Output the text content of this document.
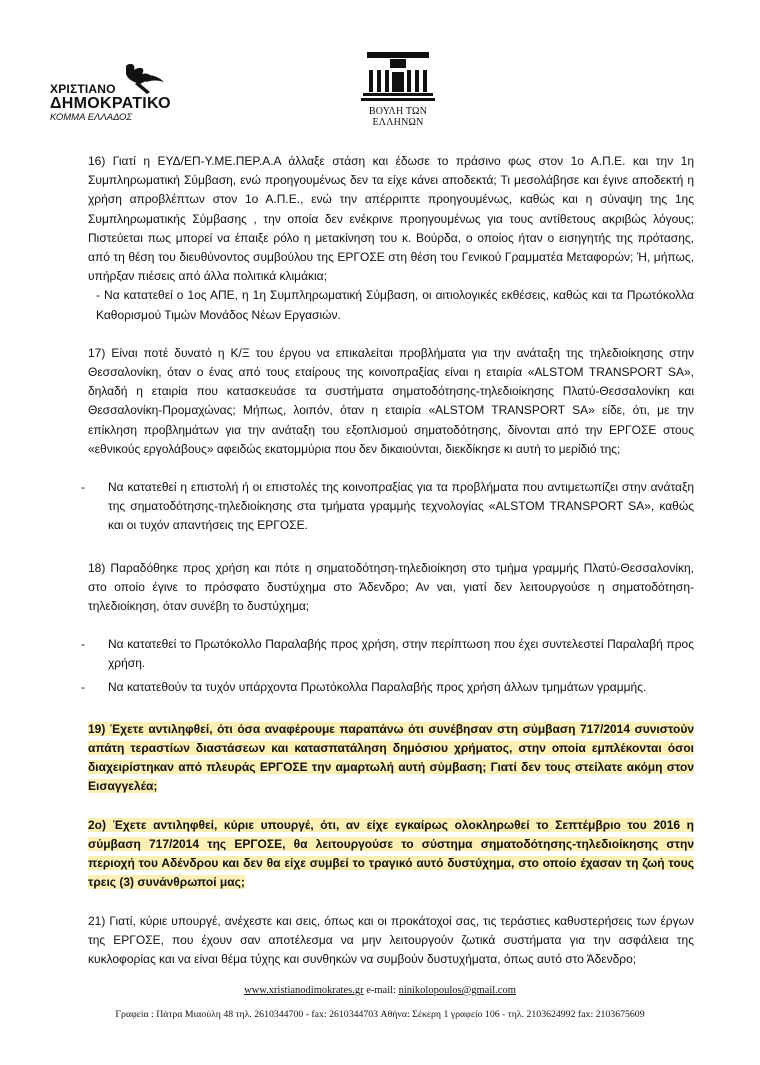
ΧΡΙΣΤΙΑΝΟ
ΔΗΜΟΚΡΑΤΙΚΟ
ΚΟΜΜΑ ΕΛΛΑΔΟΣ
ΒΟΥΛΗ ΤΩΝ ΕΛΛΗΝΩΝ

16) Γιατί η ΕΥΔ/ΕΠ-Υ.ΜΕ.ΠΕΡ.Α.Α άλλαξε στάση και έδωσε το πράσινο φως στον 1ο Α.Π.Ε. και την 1η Συμπληρωματική Σύμβαση, ενώ προηγουμένως δεν τα είχε κάνει αποδεκτά; Τι μεσολάβησε και έγινε αποδεκτή η χρήση απροβλέπτων στον 1ο Α.Π.Ε., ενώ την απέρριπτε προηγουμένως, καθώς και η σύναψη της 1ης Συμπληρωματικής Σύμβασης , την οποία δεν ενέκρινε προηγουμένως για τους αντίθετους ακριβώς λόγους; Πιστεύεται πως μπορεί να έπαιξε ρόλο η μετακίνηση του κ. Βούρδα, ο οποίος ήταν ο εισηγητής της πρότασης, από τη θέση του διευθύνοντος συμβούλου της ΕΡΓΟΣΕ στη θέση του Γενικού Γραμματέα Μεταφορών; Ή, μήπως, υπήρξαν πιέσεις από άλλα πολιτικά κλιμάκια;

- Να κατατεθεί ο 1ος ΑΠΕ, η 1η Συμπληρωματική Σύμβαση, οι αιτιολογικές εκθέσεις, καθώς και τα Πρωτόκολλα Καθορισμού Τιμών Μονάδος Νέων Εργασιών.

17) Είναι ποτέ δυνατό η Κ/Ξ του έργου να επικαλείται προβλήματα για την ανάταξη της τηλεδιοίκησης στην Θεσσαλονίκη, όταν ο ένας από τους εταίρους της κοινοπραξίας είναι η εταιρία «ALSTOM TRANSPORT SA», δηλαδή η εταιρία που κατασκευάσε τα συστήματα σηματοδότησης-τηλεδιοίκησης Πλατύ-Θεσσαλονίκη και Θεσσαλονίκη-Προμαχώνας; Μήπως, λοιπόν, όταν η εταιρία «ALSTOM TRANSPORT SA» είδε, ότι, με την επίκληση προβλημάτων για την ανάταξη του εξοπλισμού σηματοδότησης, δίνονται από την ΕΡΓΟΣΕ στους «εθνικούς εργολάβους» αφειδώς εκατομμύρια που δεν δικαιούνται, διεκδίκησε κι αυτή το μερίδιό της;

- Να κατατεθεί η επιστολή ή οι επιστολές της κοινοπραξίας για τα προβλήματα που αντιμετωπίζει στην ανάταξη της σηματοδότησης-τηλεδιοίκησης στα τμήματα γραμμής τεχνολογίας «ALSTOM TRANSPORT SA», καθώς και οι τυχόν απαντήσεις της ΕΡΓΟΣΕ.

18) Παραδόθηκε προς χρήση και πότε η σηματοδότηση-τηλεδιοίκηση στο τμήμα γραμμής Πλατύ-Θεσσαλονίκη, στο οποίο έγινε το πρόσφατο δυστύχημα στο Άδενδρο; Αν ναι, γιατί δεν λειτουργούσε η σηματοδότηση-τηλεδιοίκηση, όταν συνέβη το δυστύχημα;

- Να κατατεθεί το Πρωτόκολλο Παραλαβής προς χρήση, στην περίπτωση που έχει συντελεστεί Παραλαβή προς χρήση.
- Να κατατεθούν τα τυχόν υπάρχοντα Πρωτόκολλα Παραλαβής προς χρήση άλλων τμημάτων γραμμής.

19) Έχετε αντιληφθεί, ότι όσα αναφέρουμε παραπάνω ότι συνέβησαν στη σύμβαση 717/2014 συνιστούν απάτη τεραστίων διαστάσεων και κατασπατάληση δημόσιου χρήματος, στην οποία εμπλέκονται όσοι διαχειρίστηκαν από πλευράς ΕΡΓΟΣΕ την αμαρτωλή αυτή σύμβαση; Γιατί δεν τους στείλατε ακόμη στον Εισαγγελέα;

2ο) Έχετε αντιληφθεί, κύριε υπουργέ, ότι, αν είχε εγκαίρως ολοκληρωθεί το Σεπτέμβριο του 2016 η σύμβαση 717/2014 της ΕΡΓΟΣΕ, θα λειτουργούσε το σύστημα σηματοδότησης-τηλεδιοίκησης στην περιοχή του Αδένδρου και δεν θα είχε συμβεί το τραγικό αυτό δυστύχημα, στο οποίο έχασαν τη ζωή τους τρεις (3) συνάνθρωποί μας;

21) Γιατί, κύριε υπουργέ, ανέχεστε και σεις, όπως και οι προκάτοχοί σας, τις τεράστιες καθυστερήσεις των έργων της ΕΡΓΟΣΕ, που έχουν σαν αποτέλεσμα να μην λειτουργούν ζωτικά συστήματα για την ασφάλεια της κυκλοφορίας και να είναι θέμα τύχης και συνθηκών να συμβούν δυστυχήματα, όπως αυτό στο Άδενδρο;

www.xristianodimokrates.gr e-mail: ninikolopoulos@gmail.com
Γραφεία : Πάτρα Μιαούλη 48 τηλ. 2610344700 - fax: 2610344703 Αθήνα: Σέκερη 1 γραφείο 106 - τηλ. 2103624992 fax: 2103675609
